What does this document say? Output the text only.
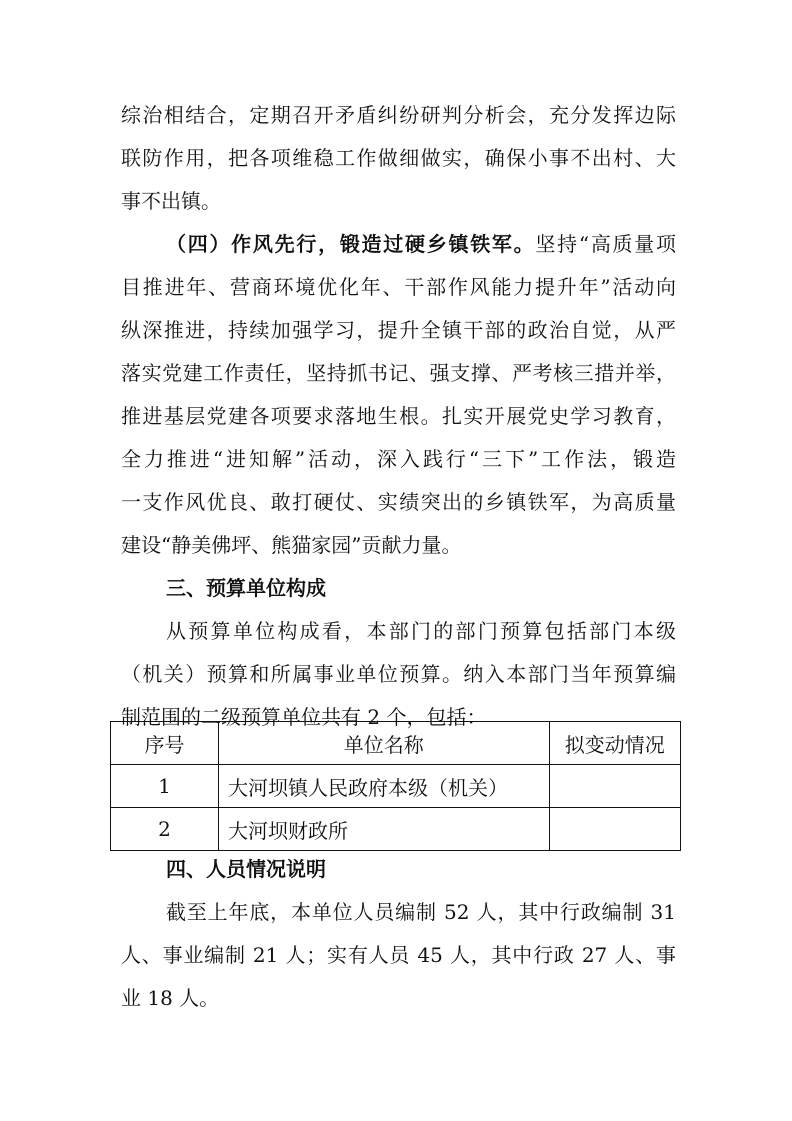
综治相结合，定期召开矛盾纠纷研判分析会，充分发挥边际
联防作用，把各项维稳工作做细做实，确保小事不出村、大
事不出镇。
（四）作风先行，锻造过硬乡镇铁军。坚持“高质量项
目推进年、营商环境优化年、干部作风能力提升年”活动向
纵深推进，持续加强学习，提升全镇干部的政治自觉，从严
落实党建工作责任，坚持抓书记、强支撑、严考核三措并举，
推进基层党建各项要求落地生根。扎实开展党史学习教育，
全力推进“进知解”活动，深入践行“三下”工作法，锻造
一支作风优良、敢打硬仗、实绩突出的乡镇铁军，为高质量
建设“静美佛坪、熊猫家园”贡献力量。
三、预算单位构成
从预算单位构成看，本部门的部门预算包括部门本级
（机关）预算和所属事业单位预算。纳入本部门当年预算编
制范围的二级预算单位共有 2 个，包括：
序号	单位名称	拟变动情况
1	大河坝镇人民政府本级（机关）	
2	大河坝财政所	
四、人员情况说明
截至上年底，本单位人员编制 52 人，其中行政编制 31
人、事业编制 21 人；实有人员 45 人，其中行政 27 人、事
业 18 人。
